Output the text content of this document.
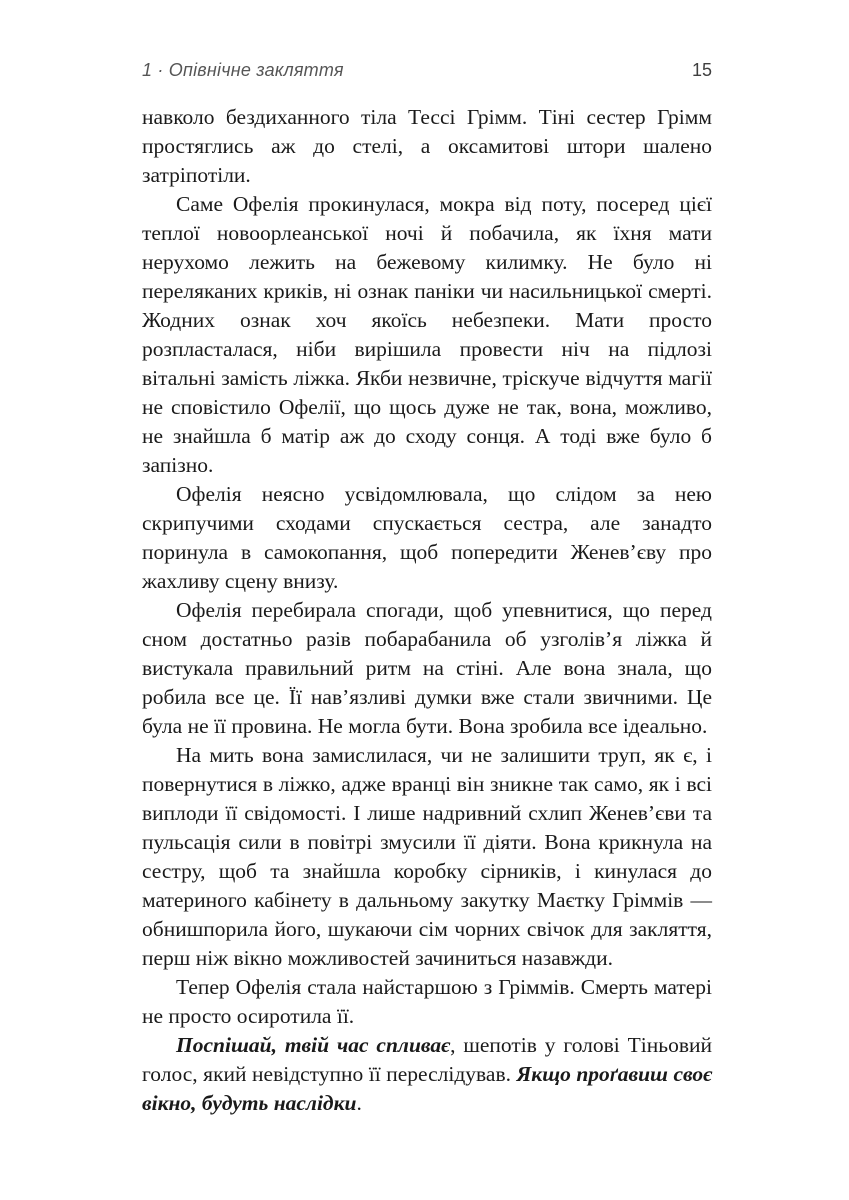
1 · Опівнічне закляття	15

навколо бездиханного тіла Тессі Грімм. Тіні сестер Грімм простяглись аж до стелі, а оксамитові штори шалено затріпотіли.

Саме Офелія прокинулася, мокра від поту, посеред цієї теплої новоорлеанської ночі й побачила, як їхня мати нерухомо лежить на бежевому килимку. Не було ні переляканих криків, ні ознак паніки чи насильницької смерті. Жодних ознак хоч якоїсь небезпеки. Мати просто розпласталася, ніби вирішила провести ніч на підлозі вітальні замість ліжка. Якби незвичне, тріскуче відчуття магії не сповістило Офелії, що щось дуже не так, вона, можливо, не знайшла б матір аж до сходу сонця. А тоді вже було б запізно.

Офелія неясно усвідомлювала, що слідом за нею скрипучими сходами спускається сестра, але занадто поринула в самокопання, щоб попередити Женев’єву про жахливу сцену внизу.

Офелія перебирала спогади, щоб упевнитися, що перед сном достатньо разів побарабанила об узголів’я ліжка й вистукала правильний ритм на стіні. Але вона знала, що робила все це. Її нав’язливі думки вже стали звичними. Це була не її провина. Не могла бути. Вона зробила все ідеально.

На мить вона замислилася, чи не залишити труп, як є, і повернутися в ліжко, адже вранці він зникне так само, як і всі виплоди її свідомості. І лише надривний схлип Женев’єви та пульсація сили в повітрі змусили її діяти. Вона крикнула на сестру, щоб та знайшла коробку сірників, і кинулася до материного кабінету в дальньому закутку Маєтку Гріммів — обнишпорила його, шукаючи сім чорних свічок для закляття, перш ніж вікно можливостей зачиниться назавжди.

Тепер Офелія стала найстаршою з Гріммів. Смерть матері не просто осиротила її.

Поспішай, твій час спливає, шепотів у голові Тіньовий голос, який невідступно її переслідував. Якщо проґавиш своє вікно, будуть наслідки.
